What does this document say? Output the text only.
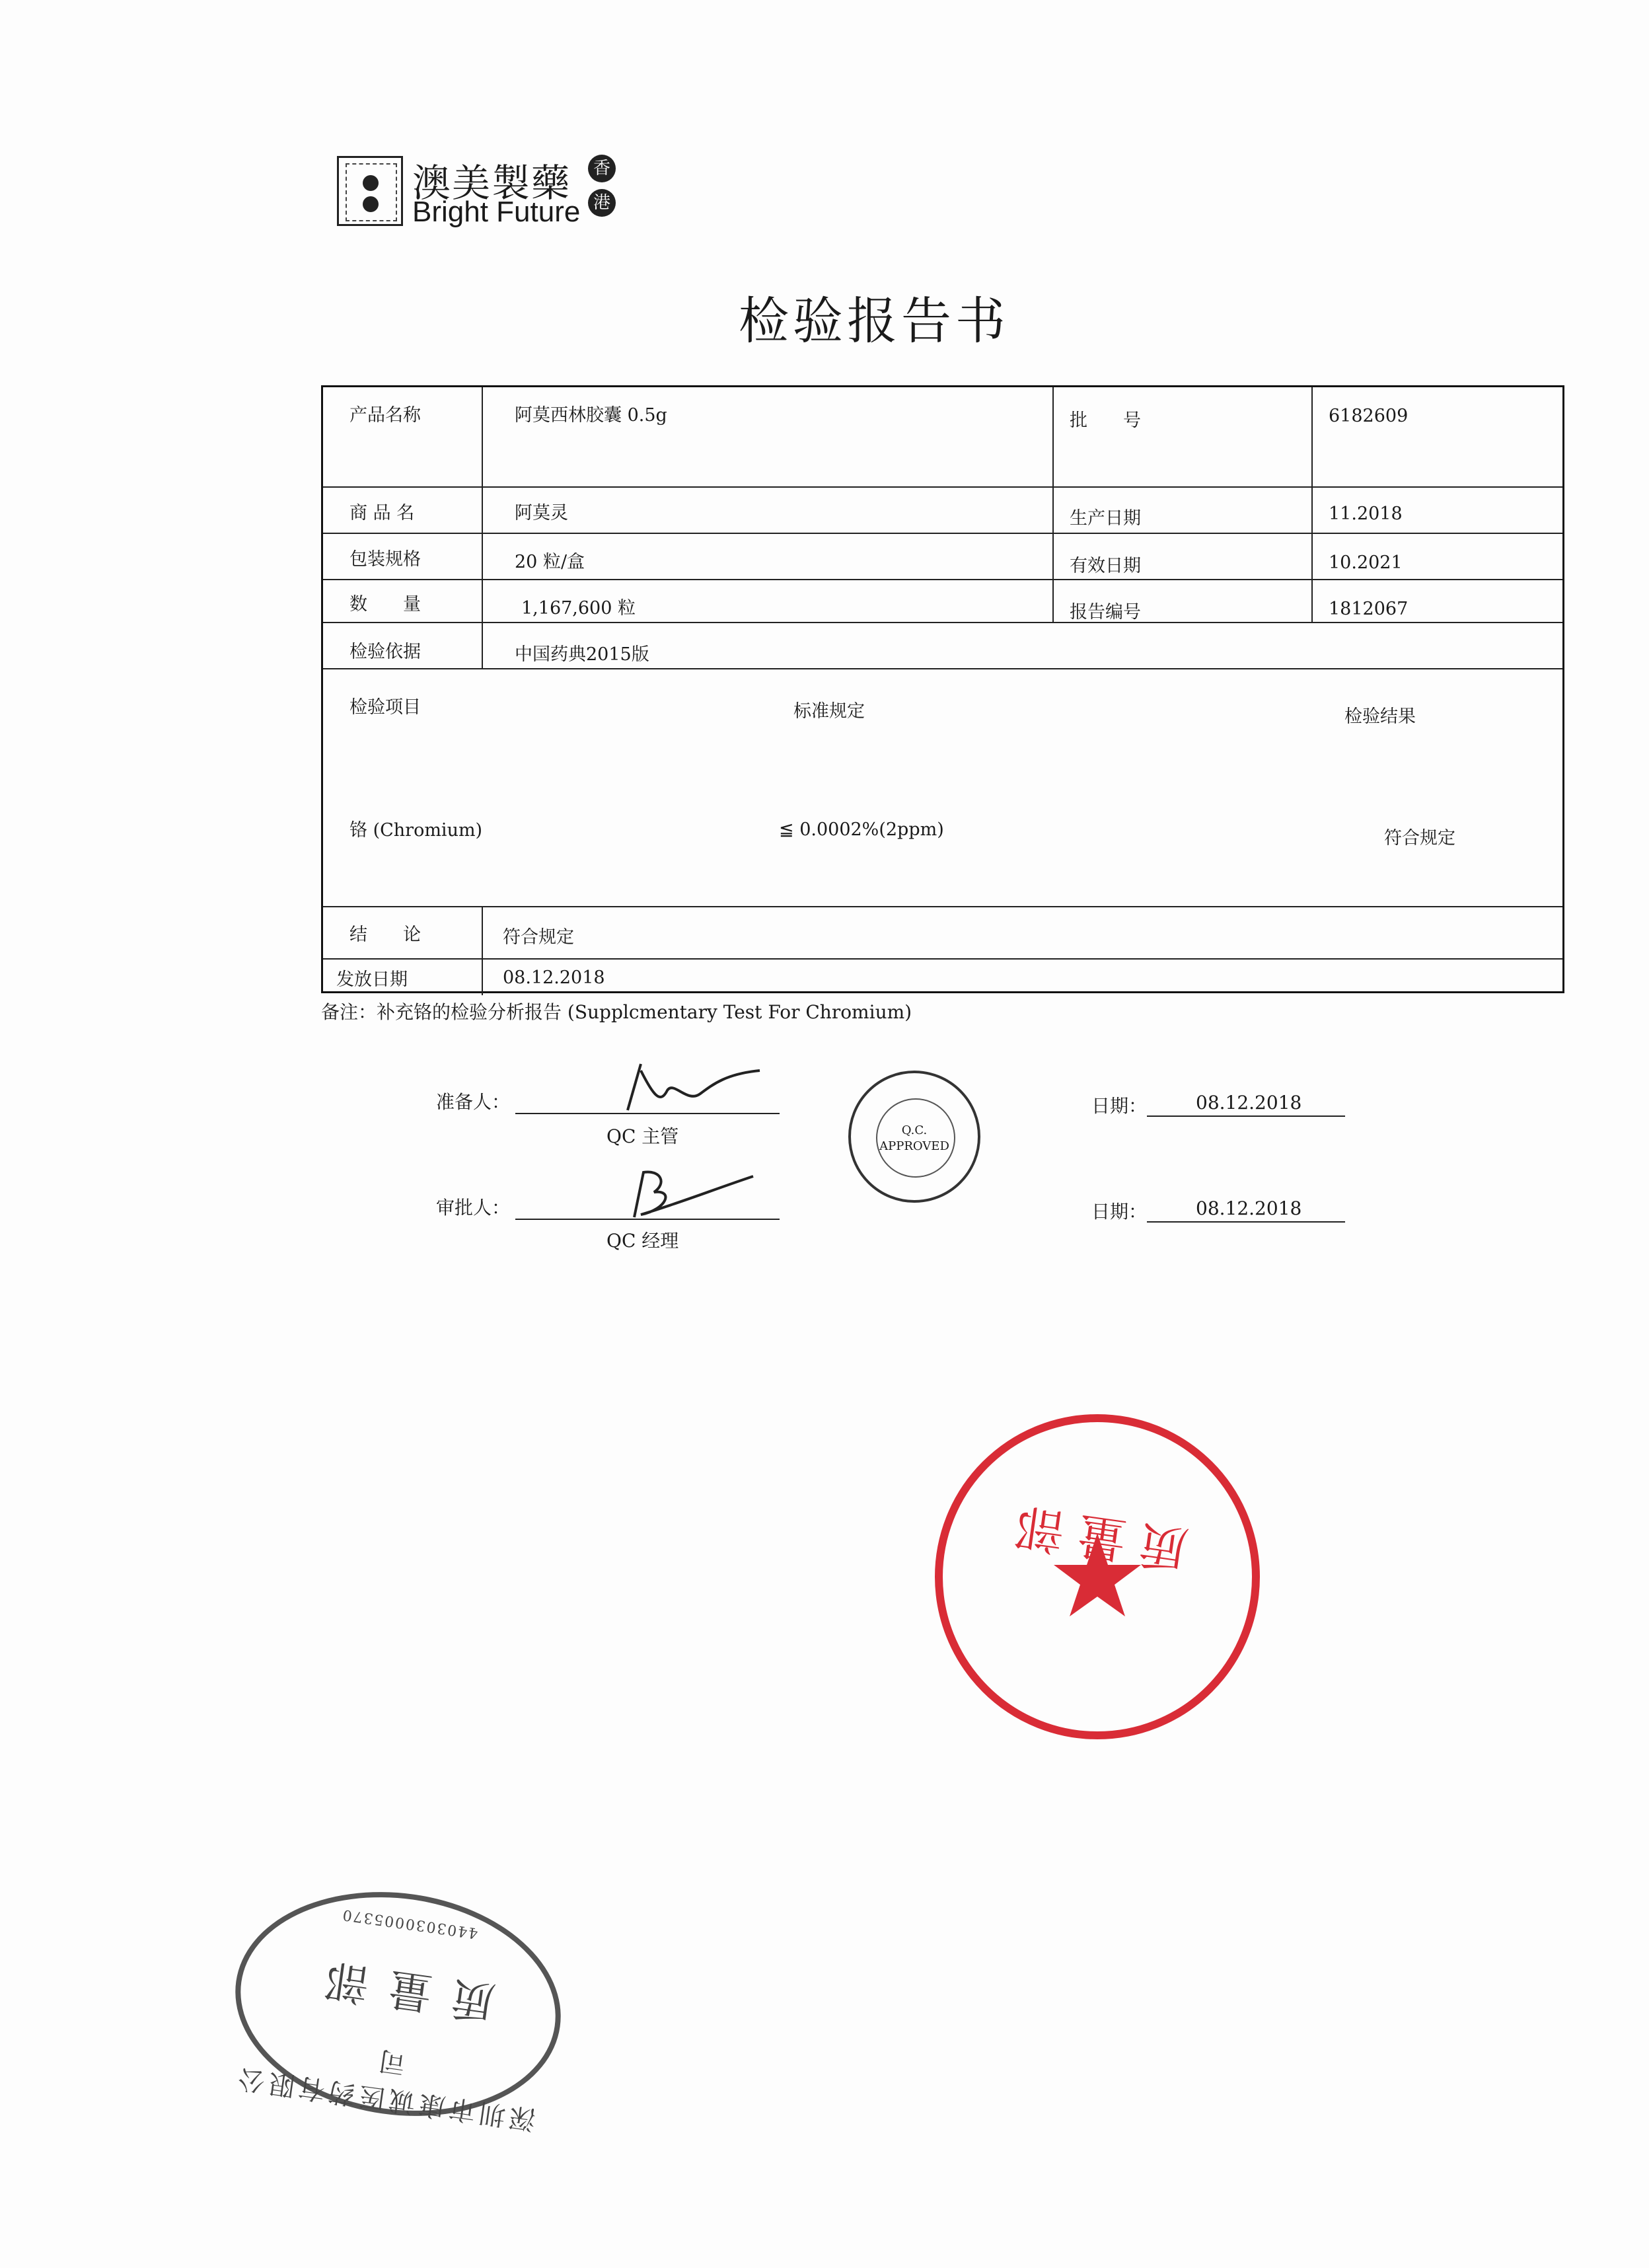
澳美製藥
Bright Future
香
港
检验报告书
产品名称	阿莫西林胶囊 0.5g	批　　号	6182609
商 品 名	阿莫灵	生产日期	11.2018
包装规格	20 粒/盒	有效日期	10.2021
数　　量	1,167,600 粒	报告编号	1812067
检验依据	中国药典2015版
检验项目	标准规定	检验结果
铬 (Chromium)	≦ 0.0002%(2ppm)	符合规定
结　　论	符合规定
发放日期	08.12.2018
备注：补充铬的检验分析报告 (Supplcmentary Test For Chromium)
准备人：
QC 主管
审批人：
QC 经理
日期：	08.12.2018
日期：	08.12.2018
Q.C.
APPROVED
质量部
4403030005370
质量部
深圳市康诚医药有限公司
